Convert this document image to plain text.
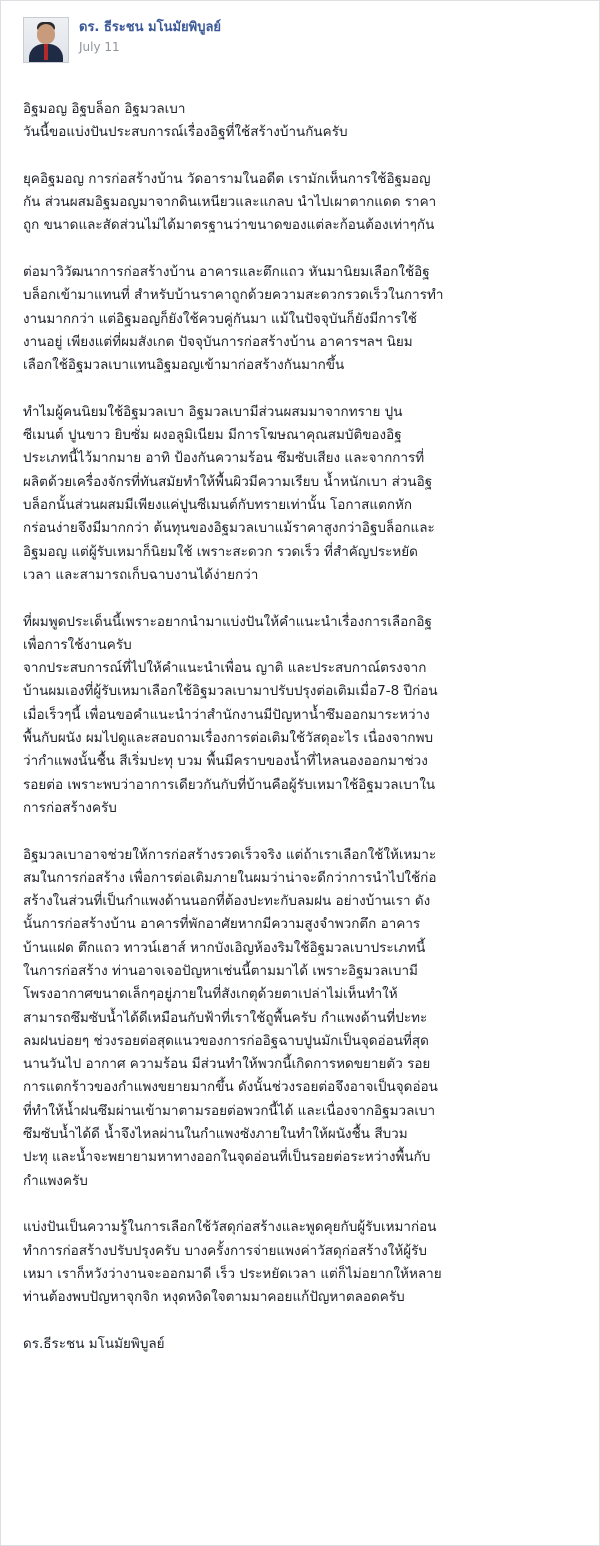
ดร. ธีระชน มโนมัยพิบูลย์
July 11

อิฐมอญ อิฐบล็อก อิฐมวลเบา
วันนี้ขอแบ่งปันประสบการณ์เรื่องอิฐที่ใช้สร้างบ้านกันครับ

ยุคอิฐมอญ การก่อสร้างบ้าน วัดอารามในอดีต เรามักเห็นการใช้อิฐมอญ
กัน ส่วนผสมอิฐมอญมาจากดินเหนียวและแกลบ นำไปเผาตากแดด ราคา
ถูก ขนาดและสัดส่วนไม่ได้มาตรฐานว่าขนาดของแต่ละก้อนต้องเท่าๆกัน

ต่อมาวิวัฒนาการก่อสร้างบ้าน อาคารและตึกแถว หันมานิยมเลือกใช้อิฐ
บล็อกเข้ามาแทนที่ สำหรับบ้านราคาถูกด้วยความสะดวกรวดเร็วในการทำ
งานมากกว่า แต่อิฐมอญก็ยังใช้ควบคู่กันมา แม้ในปัจจุบันก็ยังมีการใช้
งานอยู่ เพียงแต่ที่ผมสังเกต ปัจจุบันการก่อสร้างบ้าน อาคารฯลฯ นิยม
เลือกใช้อิฐมวลเบาแทนอิฐมอญเข้ามาก่อสร้างกันมากขึ้น

ทำไมผู้คนนิยมใช้อิฐมวลเบา อิฐมวลเบามีส่วนผสมมาจากทราย ปูน
ซีเมนต์ ปูนขาว ยิบซั่ม ผงอลูมิเนียม มีการโฆษณาคุณสมบัติของอิฐ
ประเภทนี้ไว้มากมาย อาทิ ป้องกันความร้อน ซึมซับเสียง และจากการที่
ผลิตด้วยเครื่องจักรที่ทันสมัยทำให้พื้นผิวมีความเรียบ น้ำหนักเบา ส่วนอิฐ
บล็อกนั้นส่วนผสมมีเพียงแค่ปูนซีเมนต์กับทรายเท่านั้น โอกาสแตกหัก
กร่อนง่ายจึงมีมากกว่า ต้นทุนของอิฐมวลเบาแม้ราคาสูงกว่าอิฐบล็อกและ
อิฐมอญ แต่ผู้รับเหมาก็นิยมใช้ เพราะสะดวก รวดเร็ว ที่สำคัญประหยัด
เวลา และสามารถเก็บฉาบงานได้ง่ายกว่า

ที่ผมพูดประเด็นนี้เพราะอยากนำมาแบ่งปันให้คำแนะนำเรื่องการเลือกอิฐ
เพื่อการใช้งานครับ
จากประสบการณ์ที่ไปให้คำแนะนำเพื่อน ญาติ และประสบกาณ์ตรงจาก
บ้านผมเองที่ผู้รับเหมาเลือกใช้อิฐมวลเบามาปรับปรุงต่อเติมเมื่อ7-8 ปีก่อน
เมื่อเร็วๆนี้ เพื่อนขอคำแนะนำว่าสำนักงานมีปัญหาน้ำซึมออกมาระหว่าง
พื้นกับผนัง ผมไปดูและสอบถามเรื่องการต่อเติมใช้วัสดุอะไร เนื่องจากพบ
ว่ากำแพงนั้นชื้น สีเริ่มปะทุ บวม พื้นมีคราบของน้ำที่ไหลนองออกมาช่วง
รอยต่อ เพราะพบว่าอาการเดียวกันกับที่บ้านคือผู้รับเหมาใช้อิฐมวลเบาใน
การก่อสร้างครับ

อิฐมวลเบาอาจช่วยให้การก่อสร้างรวดเร็วจริง แต่ถ้าเราเลือกใช้ให้เหมาะ
สมในการก่อสร้าง เพื่อการต่อเติมภายในผมว่าน่าจะดีกว่าการนำไปใช้ก่อ
สร้างในส่วนที่เป็นกำแพงด้านนอกที่ต้องปะทะกับลมฝน อย่างบ้านเรา ดัง
นั้นการก่อสร้างบ้าน อาคารที่พักอาศัยหากมีความสูงจำพวกตึก อาคาร
บ้านแฝด ตึกแถว ทาวน์เฮาส์ หากบังเอิญห้องริมใช้อิฐมวลเบาประเภทนี้
ในการก่อสร้าง ท่านอาจเจอปัญหาเช่นนี้ตามมาได้ เพราะอิฐมวลเบามี
โพรงอากาศขนาดเล็กๆอยู่ภายในที่สังเกตุด้วยตาเปล่าไม่เห็นทำให้
สามารถซึมซับน้ำได้ดีเหมือนกับฟ้าที่เราใช้ถูพื้นครับ กำแพงด้านที่ปะทะ
ลมฝนบ่อยๆ ช่วงรอยต่อสุดแนวของการก่ออิฐฉาบปูนมักเป็นจุดอ่อนที่สุด
นานวันไป อากาศ ความร้อน มีส่วนทำให้พวกนี้เกิดการหดขยายตัว รอย
การแตกร้าวของกำแพงขยายมากขึ้น ดังนั้นช่วงรอยต่อจึงอาจเป็นจุดอ่อน
ที่ทำให้น้ำฝนซึมผ่านเข้ามาตามรอยต่อพวกนี้ได้ และเนื่องจากอิฐมวลเบา
ซึมซับน้ำได้ดี น้ำจึงไหลผ่านในกำแพงซังภายในทำให้ผนังชื้น สีบวม
ปะทุ และน้ำจะพยายามหาทางออกในจุดอ่อนที่เป็นรอยต่อระหว่างพื้นกับ
กำแพงครับ

แบ่งปันเป็นความรู้ในการเลือกใช้วัสดุก่อสร้างและพูดคุยกับผู้รับเหมาก่อน
ทำการก่อสร้างปรับปรุงครับ บางครั้งการจ่ายแพงค่าวัสดุก่อสร้างให้ผู้รับ
เหมา เราก็หวังว่างานจะออกมาดี เร็ว ประหยัดเวลา แต่ก็ไม่อยากให้หลาย
ท่านต้องพบปัญหาจุกจิก หงุดหงิดใจตามมาคอยแก้ปัญหาตลอดครับ

ดร.ธีระชน มโนมัยพิบูลย์
